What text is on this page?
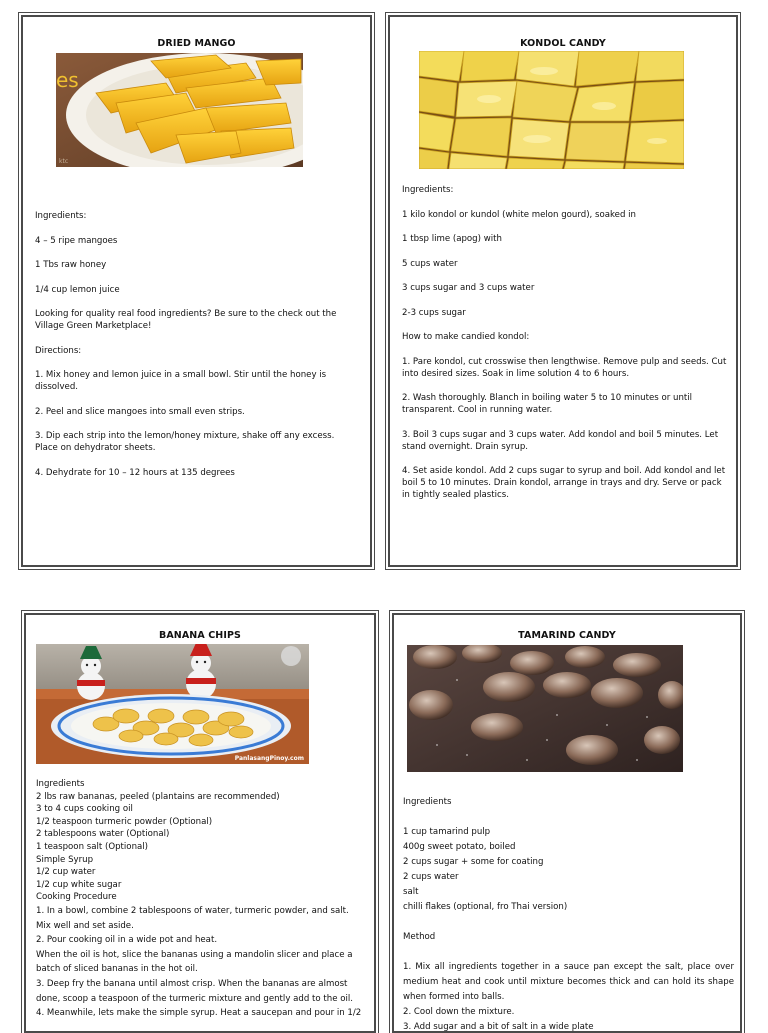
DRIED MANGO
es
ktc

Ingredients:

4 – 5 ripe mangoes

1 Tbs raw honey

1/4 cup lemon juice

Looking for quality real food ingredients? Be sure to the check out the Village Green Marketplace!

Directions:

1. Mix honey and lemon juice in a small bowl. Stir until the honey is dissolved.

2. Peel and slice mangoes into small even strips.

3. Dip each strip into the lemon/honey mixture, shake off any excess. Place on dehydrator sheets.

4. Dehydrate for 10 – 12 hours at 135 degrees

KONDOL CANDY

Ingredients:

1 kilo kondol or kundol (white melon gourd), soaked in

1 tbsp lime (apog) with

5 cups water

3 cups sugar and 3 cups water

2-3 cups sugar

How to make candied kondol:

1. Pare kondol, cut crosswise then lengthwise. Remove pulp and seeds. Cut into desired sizes. Soak in lime solution 4 to 6 hours.

2. Wash thoroughly. Blanch in boiling water 5 to 10 minutes or until transparent. Cool in running water.

3. Boil 3 cups sugar and 3 cups water. Add kondol and boil 5 minutes. Let stand overnight. Drain syrup.

4. Set aside kondol. Add 2 cups sugar to syrup and boil. Add kondol and let boil 5 to 10 minutes. Drain kondol, arrange in trays and dry. Serve or pack in tightly sealed plastics.

BANANA CHIPS
PanlasangPinoy.com
Ingredients
2 lbs raw bananas, peeled (plantains are recommended)
3 to 4 cups cooking oil
1/2 teaspoon turmeric powder (Optional)
2 tablespoons water (Optional)
1 teaspoon salt (Optional)
Simple Syrup
1/2 cup water
1/2 cup white sugar
Cooking Procedure
1. In a bowl, combine 2 tablespoons of water, turmeric powder, and salt.
Mix well and set aside.
2. Pour cooking oil in a wide pot and heat.
When the oil is hot, slice the bananas using a mandolin slicer and place a
batch of sliced bananas in the hot oil.
3. Deep fry the banana until almost crisp. When the bananas are almost
done, scoop a teaspoon of the turmeric mixture and gently add to the oil.
4. Meanwhile, lets make the simple syrup. Heat a saucepan and pour in 1/2
TAMARIND CANDY
Ingredients
1 cup tamarind pulp
400g sweet potato, boiled
2 cups sugar + some for coating
2 cups water
salt
chilli flakes (optional, fro Thai version)
Method
1. Mix all ingredients together in a sauce pan except the salt, place over medium heat and cook until mixture becomes thick and can hold its shape when formed into balls.
2. Cool down the mixture.
3. Add sugar and a bit of salt in a wide plate
